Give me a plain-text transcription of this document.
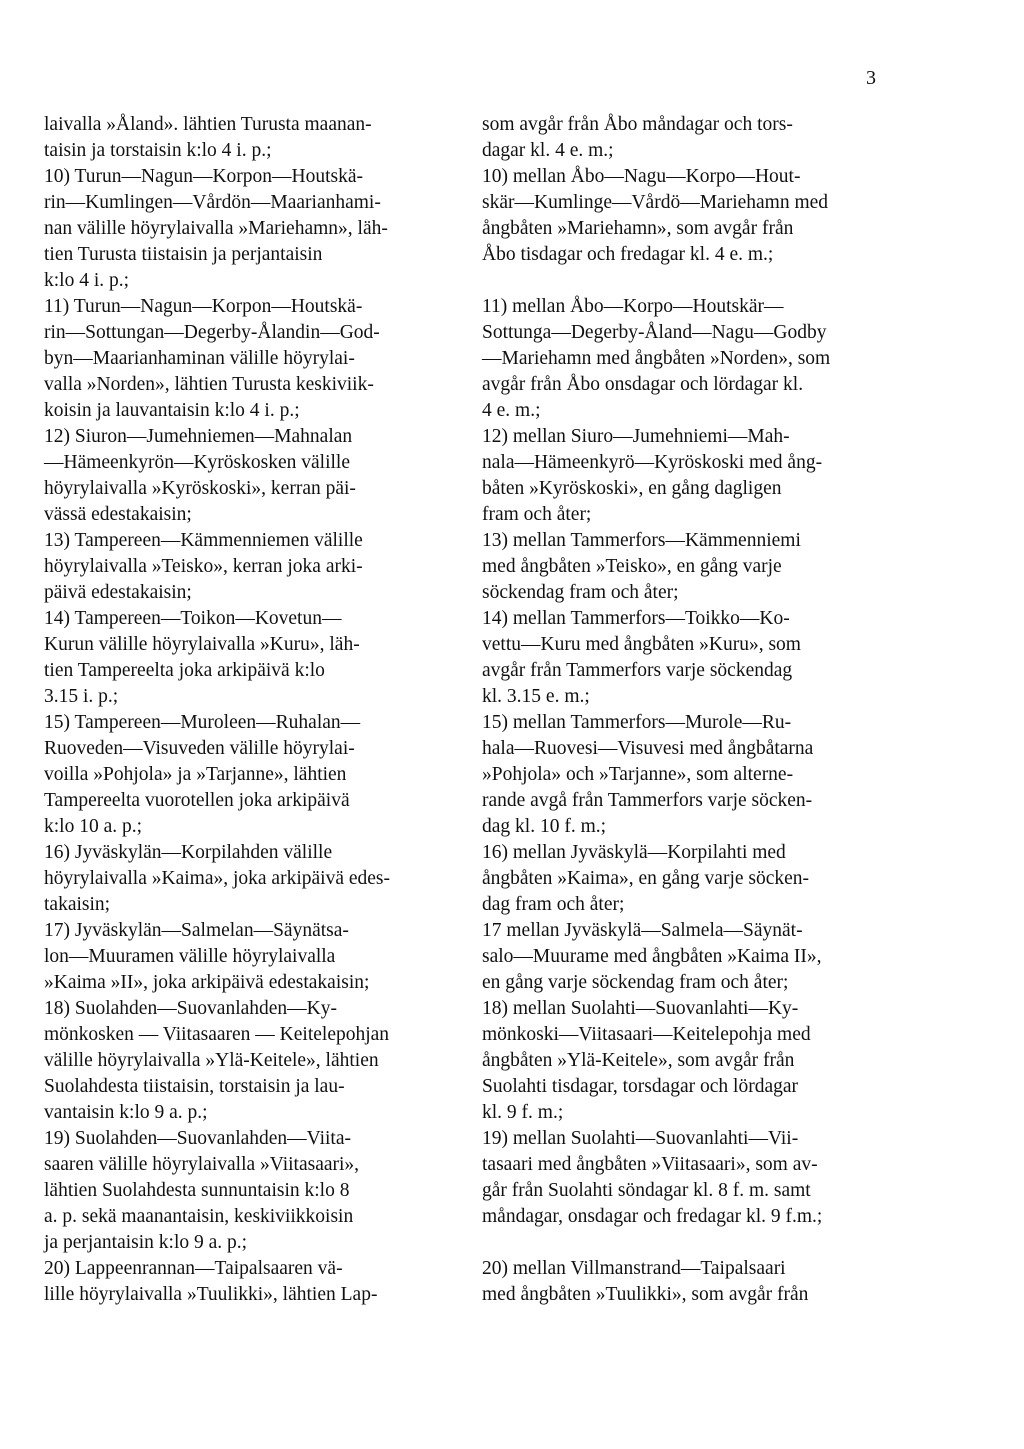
3
laivalla »Åland». lähtien Turusta maanan-
taisin ja torstaisin k:lo 4 i. p.;
10) Turun—Nagun—Korpon—Houtskä-
rin—Kumlingen—Vårdön—Maarianhami-
nan välille höyrylaivalla »Mariehamn», läh-
tien Turusta tiistaisin ja perjantaisin
k:lo 4 i. p.;
11) Turun—Nagun—Korpon—Houtskä-
rin—Sottungan—Degerby-Ålandin—God-
byn—Maarianhaminan välille höyrylai-
valla »Norden», lähtien Turusta keskiviik-
koisin ja lauvantaisin k:lo 4 i. p.;
12) Siuron—Jumehniemen—Mahnalan
—Hämeenkyrön—Kyröskosken välille
höyrylaivalla »Kyröskoski», kerran päi-
vässä edestakaisin;
13) Tampereen—Kämmenniemen välille
höyrylaivalla »Teisko», kerran joka arki-
päivä edestakaisin;
14) Tampereen—Toikon—Kovetun—
Kurun välille höyrylaivalla »Kuru», läh-
tien Tampereelta joka arkipäivä k:lo
3.15 i. p.;
15) Tampereen—Muroleen—Ruhalan—
Ruoveden—Visuveden välille höyrylai-
voilla »Pohjola» ja »Tarjanne», lähtien
Tampereelta vuorotellen joka arkipäivä
k:lo 10 a. p.;
16) Jyväskylän—Korpilahden välille
höyrylaivalla »Kaima», joka arkipäivä edes-
takaisin;
17) Jyväskylän—Salmelan—Säynätsa-
lon—Muuramen välille höyrylaivalla
»Kaima »II», joka arkipäivä edestakaisin;
18) Suolahden—Suovanlahden—Ky-
mönkosken — Viitasaaren — Keitelepohjan
välille höyrylaivalla »Ylä-Keitele», lähtien
Suolahdesta tiistaisin, torstaisin ja lau-
vantaisin k:lo 9 a. p.;
19) Suolahden—Suovanlahden—Viita-
saaren välille höyrylaivalla »Viitasaari»,
lähtien Suolahdesta sunnuntaisin k:lo 8
a. p. sekä maanantaisin, keskiviikkoisin
ja perjantaisin k:lo 9 a. p.;
20) Lappeenrannan—Taipalsaaren vä-
lille höyrylaivalla »Tuulikki», lähtien Lap-
som avgår från Åbo måndagar och tors-
dagar kl. 4 e. m.;
10) mellan Åbo—Nagu—Korpo—Hout-
skär—Kumlinge—Vårdö—Mariehamn med
ångbåten »Mariehamn», som avgår från
Åbo tisdagar och fredagar kl. 4 e. m.;
11) mellan Åbo—Korpo—Houtskär—
Sottunga—Degerby-Åland—Nagu—Godby
—Mariehamn med ångbåten »Norden», som
avgår från Åbo onsdagar och lördagar kl.
4 e. m.;
12) mellan Siuro—Jumehniemi—Mah-
nala—Hämeenkyrö—Kyröskoski med ång-
båten »Kyröskoski», en gång dagligen
fram och åter;
13) mellan Tammerfors—Kämmenniemi
med ångbåten »Teisko», en gång varje
söckendag fram och åter;
14) mellan Tammerfors—Toikko—Ko-
vettu—Kuru med ångbåten »Kuru», som
avgår från Tammerfors varje söckendag
kl. 3.15 e. m.;
15) mellan Tammerfors—Murole—Ru-
hala—Ruovesi—Visuvesi med ångbåtarna
»Pohjola» och »Tarjanne», som alterne-
rande avgå från Tammerfors varje söcken-
dag kl. 10 f. m.;
16) mellan Jyväskylä—Korpilahti med
ångbåten »Kaima», en gång varje söcken-
dag fram och åter;
17 mellan Jyväskylä—Salmela—Säynät-
salo—Muurame med ångbåten »Kaima II»,
en gång varje söckendag fram och åter;
18) mellan Suolahti—Suovanlahti—Ky-
mönkoski—Viitasaari—Keitelepohja med
ångbåten »Ylä-Keitele», som avgår från
Suolahti tisdagar, torsdagar och lördagar
kl. 9 f. m.;
19) mellan Suolahti—Suovanlahti—Vii-
tasaari med ångbåten »Viitasaari», som av-
går från Suolahti söndagar kl. 8 f. m. samt
måndagar, onsdagar och fredagar kl. 9 f.m.;
20) mellan Villmanstrand—Taipalsaari
med ångbåten »Tuulikki», som avgår från
